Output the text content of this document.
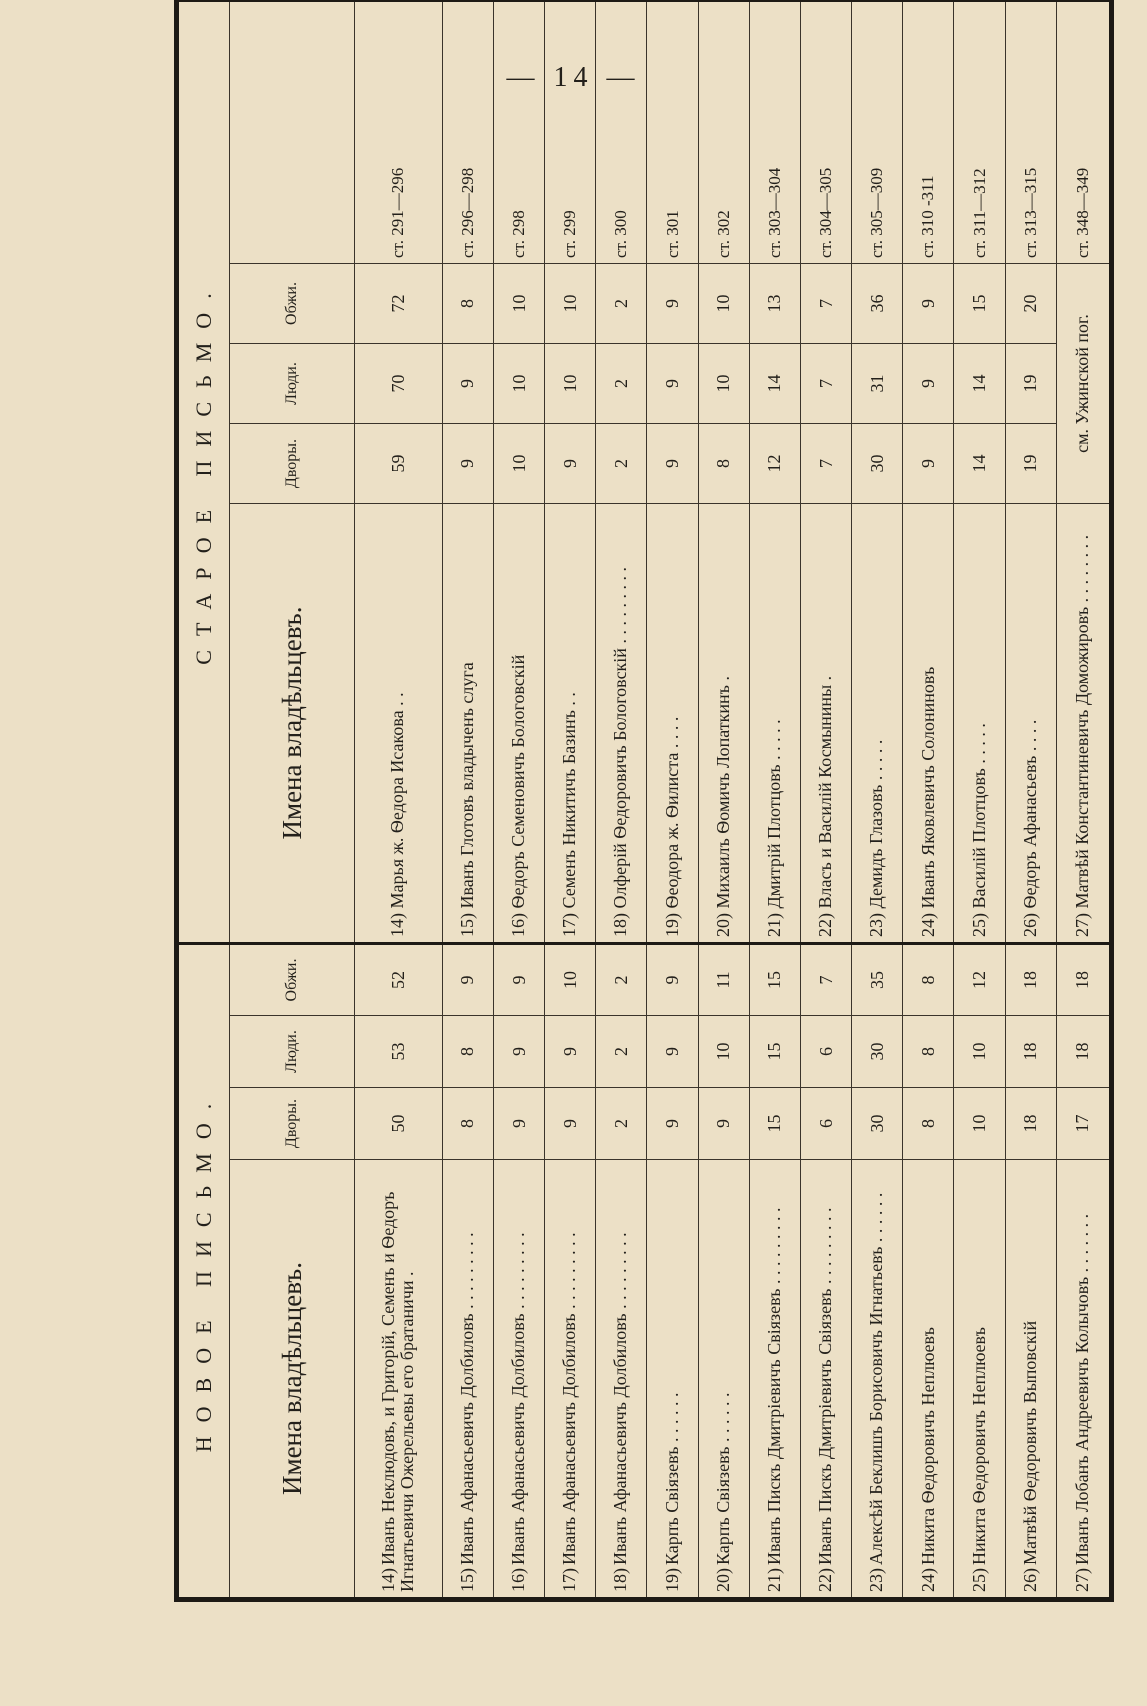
— 14 —
НОВОЕ ПИСЬМО.				СТАРОЕ ПИСЬМО.				
Имена владѣльцевъ.	Дворы.	Люди.	Обжи.	Имена владѣльцевъ.	Дворы.	Люди.	Обжи.	
14)Иванъ Неклюдовъ, и Григорій, Семенъ и Ѳедоръ Игнатьевичи Ожерельевы его братаничи .	50	53	52	14) Марья ж. Ѳедора Исакова . .	59	70	72	ст. 291—296
15)Иванъ Афанасьевичъ Долбиловъ . . . . . . . . .	8	8	9	15) Иванъ Глотовъ владыченъ слуга	9	9	8	ст. 296—298
16)Иванъ Афанасьевичъ Долбиловъ . . . . . . . . .	9	9	9	16) Ѳедоръ Семеновичъ Бологовскій	10	10	10	ст. 298
17)Иванъ Афанасьевичъ Долбиловъ . . . . . . . . .	9	9	10	17) Семенъ Никитичъ Базинъ . .	9	10	10	ст. 299
18)Иванъ Афанасьевичъ Долбиловъ . . . . . . . . .	2	2	2	18) Олферій Ѳедоровичъ Бологовскій . . . . . . . . .	2	2	2	ст. 300
19)Карпъ Свіязевъ . . . . . .	9	9	9	19) Ѳеодора ж. Ѳилиста . . . .	9	9	9	ст. 301
20)Карпъ Свіязевъ . . . . . .	9	10	11	20) Михаилъ Ѳомичъ Лопаткинъ .	8	10	10	ст. 302
21)Иванъ Пискъ Дмитріевичъ Свіязевъ . . . . . . . . .	15	15	15	21) Дмитрій Плотцовъ . . . . .	12	14	13	ст. 303—304
22)Иванъ Пискъ Дмитріевичъ Свіязевъ . . . . . . . . .	6	6	7	22) Власъ и Василій Космынины .	7	7	7	ст. 304—305
23)Алексѣй Беклишъ Борисовичъ Игнатьевъ . . . . . .	30	30	35	23) Демидъ Глазовъ . . . . .	30	31	36	ст. 305—309
24)Никита Ѳедоровичъ Неплюевъ	8	8	8	24) Иванъ Яковлевичъ Солониновъ	9	9	9	ст. 310 -311
25)Никита Ѳедоровичъ Неплюевъ	10	10	12	25) Василій Плотцовъ . . . . .	14	14	15	ст. 311—312
26)Матвѣй Ѳедоровичъ Выповскій	18	18	18	26) Ѳедоръ Афанасьевъ . . . .	19	19	20	ст. 313—315
27)Иванъ Лобанъ Андреевичъ Колычовъ . . . . . . .	17	18	18	27) Матвѣй Константиневичъ Доможировъ . . . . . . . .	см. Ужинской пог.			ст. 348—349
